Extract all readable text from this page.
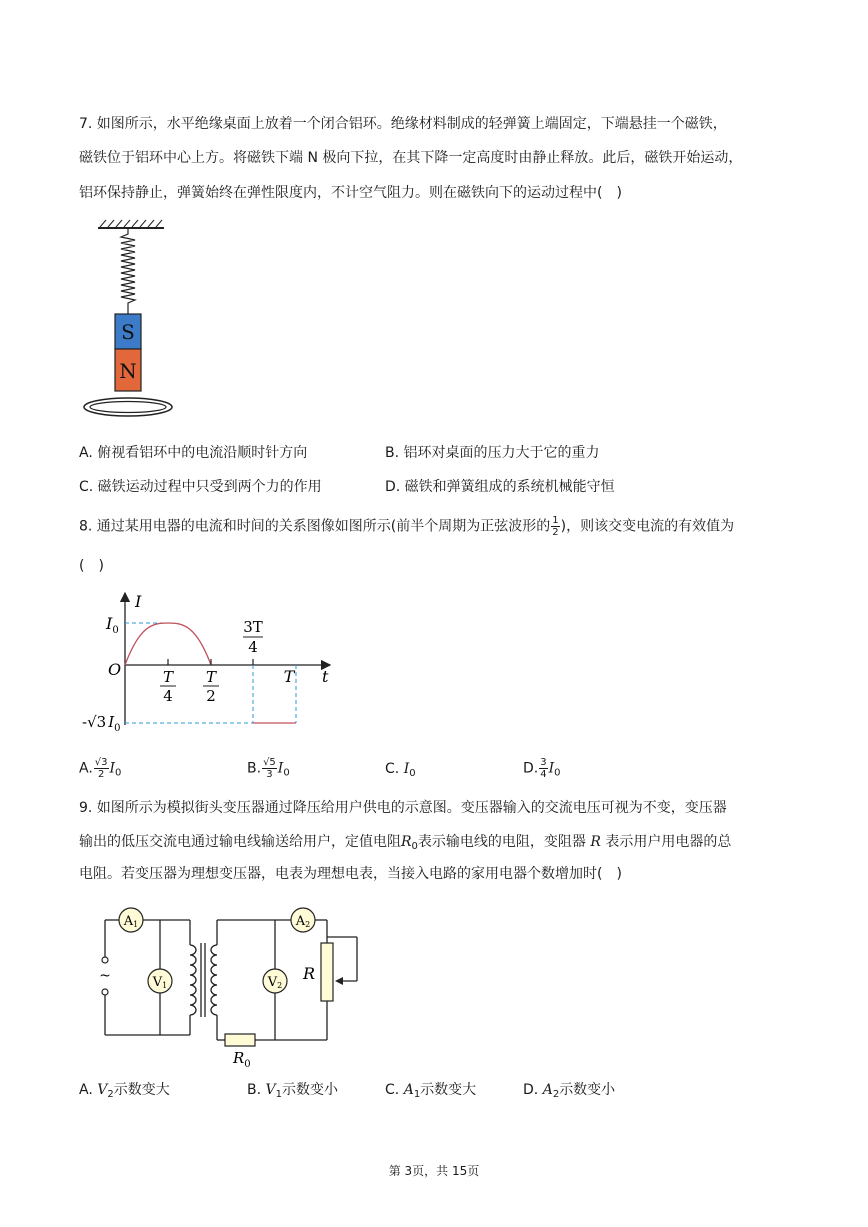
7. 如图所示，水平绝缘桌面上放着一个闭合铝环。绝缘材料制成的轻弹簧上端固定，下端悬挂一个磁铁，
磁铁位于铝环中心上方。将磁铁下端 N 极向下拉，在其下降一定高度时由静止释放。此后，磁铁开始运动，
铝环保持静止，弹簧始终在弹性限度内，不计空气阻力。则在磁铁向下的运动过程中(　)
S
N
A. 俯视看铝环中的电流沿顺时针方向	B. 铝环对桌面的压力大于它的重力
C. 磁铁运动过程中只受到两个力的作用	D. 磁铁和弹簧组成的系统机械能守恒
8. 通过某用电器的电流和时间的关系图像如图所示(前半个周期为正弦波形的 $\frac{1}{2}$ )，则该交变电流的有效值为
(　)
I
t
O
$I_0$
-√3 $I_0$
T
4
T
2
3T
4
T
A. $\frac{√3}{2} I_0$	B. $\frac{√5}{3} I_0$	C. $I_0$	D. $\frac{3}{4} I_0$
9. 如图所示为模拟街头变压器通过降压给用户供电的示意图。变压器输入的交流电压可视为不变，变压器
输出的低压交流电通过输电线输送给用户，定值电阻$R_0$表示输电线的电阻，变阻器 R 表示用户用电器的总
电阻。若变压器为理想变压器，电表为理想电表，当接入电路的家用电器个数增加时(　)
~
A1
V1
A2
V2
$R_0$
R
A. $V_2$示数变大	B. $V_1$示数变小	C. $A_1$示数变大	D. $A_2$示数变小
第 3页，共 15页
